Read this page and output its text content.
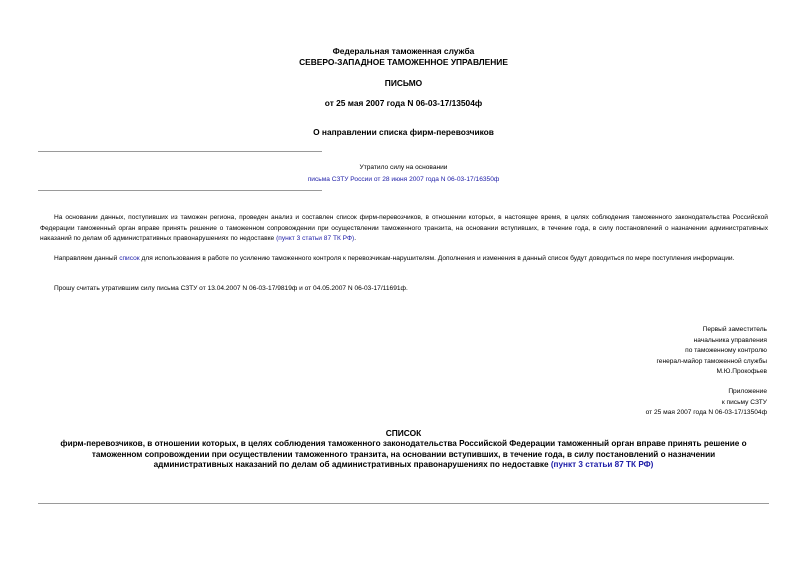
Федеральная таможенная служба
СЕВЕРО-ЗАПАДНОЕ ТАМОЖЕННОЕ УПРАВЛЕНИЕ
ПИСЬМО
от 25 мая 2007 года N 06-03-17/13504ф
О направлении списка фирм-перевозчиков
Утратило силу на основании
письма СЗТУ России от 28 июня 2007 года N 06-03-17/16350ф
На основании данных, поступивших из таможен региона, проведен анализ и составлен список фирм-перевозчиков, в отношении которых, в настоящее время, в целях соблюдения таможенного законодательства Российской Федерации таможенный орган вправе принять решение о таможенном сопровождении при осуществлении таможенного транзита, на основании вступивших, в течение года, в силу постановлений о назначении административных наказаний по делам об административных правонарушениях по недоставке (пункт 3 статьи 87 ТК РФ).
Направляем данный список для использования в работе по усилению таможенного контроля к перевозчикам-нарушителям. Дополнения и изменения в данный список будут доводиться по мере поступления информации.
Прошу считать утратившим силу письма СЗТУ от 13.04.2007 N 06-03-17/9819ф и от 04.05.2007 N 06-03-17/11691ф.
Первый заместитель
начальника управления
по таможенному контролю
генерал-майор таможенной службы
М.Ю.Прокофьев
Приложение
к письму СЗТУ
от 25 мая 2007 года N 06-03-17/13504ф
СПИСОК
фирм-перевозчиков, в отношении которых, в целях соблюдения таможенного законодательства Российской Федерации таможенный орган вправе принять решение о таможенном сопровождении при осуществлении таможенного транзита, на основании вступивших, в течение года, в силу постановлений о назначении административных наказаний по делам об административных правонарушениях по недоставке (пункт 3 статьи 87 ТК РФ)
